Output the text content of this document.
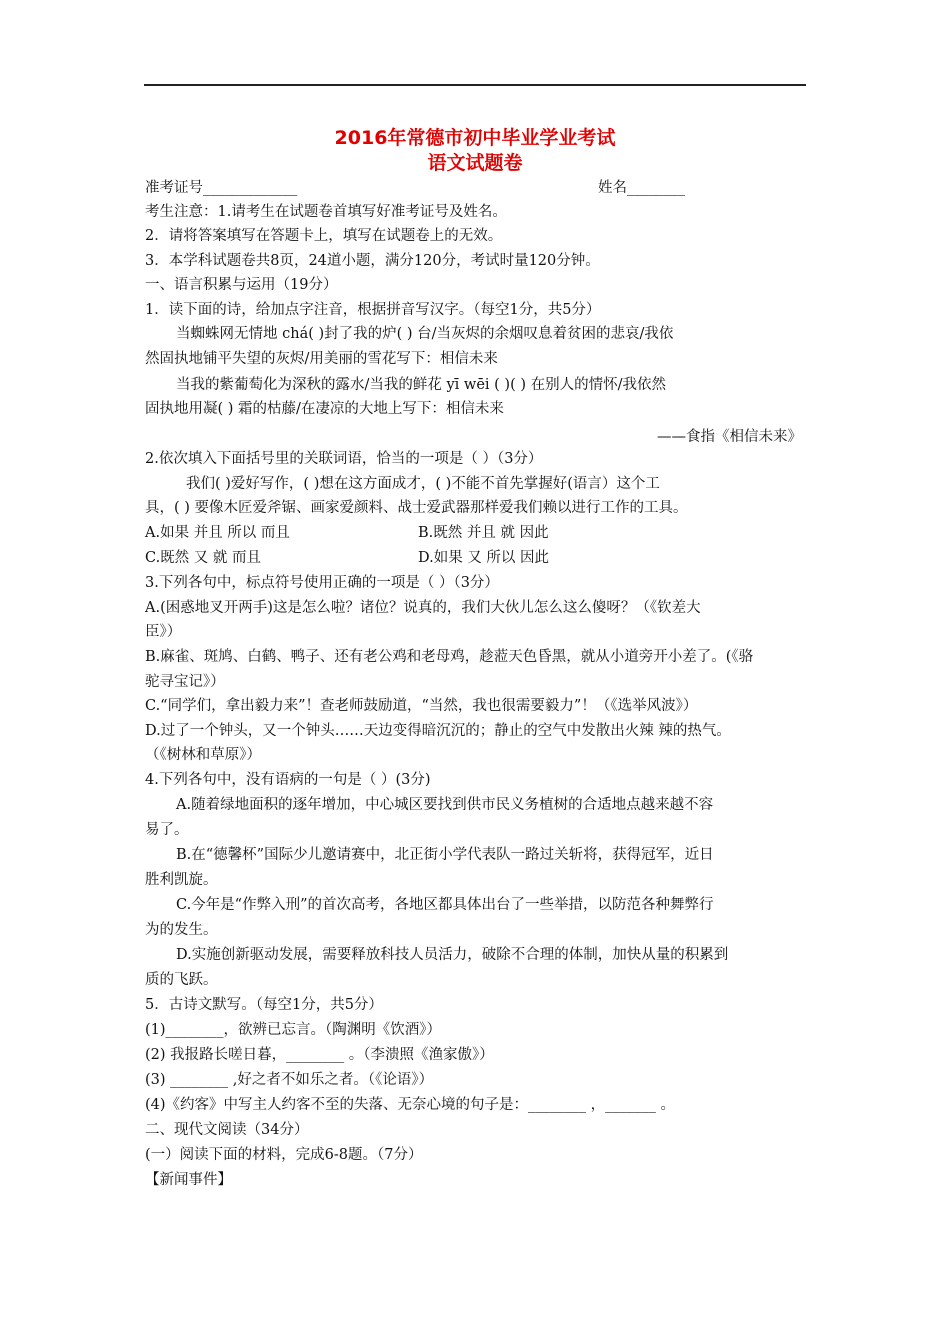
2016年常德市初中毕业学业考试
语文试题卷
准考证号_____________	姓名________
考生注意：1.请考生在试题卷首填写好准考证号及姓名。
2．请将答案填写在答题卡上，填写在试题卷上的无效。
3．本学科试题卷共8页，24道小题，满分120分，考试时量120分钟。
一、语言积累与运用（19分）
1．读下面的诗，给加点字注音，根据拼音写汉字。（每空1分，共5分）
当蜘蛛网无情地 chá( )封了我的炉( ) 台/当灰烬的余烟叹息着贫困的悲哀/我依
然固执地铺平失望的灰烬/用美丽的雪花写下：相信未来
当我的紫葡萄化为深秋的露水/当我的鲜花 yī wēi ( )( ) 在别人的情怀/我依然
固执地用凝( ) 霜的枯藤/在凄凉的大地上写下：相信未来
——食指《相信未来》
2.依次填入下面括号里的关联词语，恰当的一项是（ ）（3分）
我们( )爱好写作，( )想在这方面成才，( )不能不首先掌握好(语言）这个工
具，( ) 要像木匠爱斧锯、画家爱颜料、战士爱武器那样爱我们赖以进行工作的工具。
A.如果 并且 所以 而且	B.既然 并且 就 因此
C.既然 又 就 而且	D.如果 又 所以 因此
3.下列各句中，标点符号使用正确的一项是（ ）（3分）
A.(困惑地叉开两手)这是怎么啦？诸位？说真的，我们大伙儿怎么这么傻呀？（《钦差大
臣》）
B.麻雀、斑鸠、白鹤、鸭子、还有老公鸡和老母鸡，趁蒞天色昏黑，就从小道旁开小差了。(《骆
驼寻宝记》）
C.“同学们，拿出毅力来”！查老师鼓励道，“当然，我也很需要毅力”！（《选举风波》）
D.过了一个钟头，又一个钟头……天边变得暗沉沉的；静止的空气中发散出火辣 辣的热气。
（《树林和草原》）
4.下列各句中，没有语病的一句是（ ）(3分)
A.随着绿地面积的逐年增加，中心城区要找到供市民义务植树的合适地点越来越不容
易了。
B.在“德馨杯”国际少儿邀请赛中，北正街小学代表队一路过关斩将，获得冠军，近日
胜利凯旋。
C.今年是“作弊入刑”的首次高考，各地区都具体出台了一些举措，以防范各种舞弊行
为的发生。
D.实施创新驱动发展，需要释放科技人员活力，破除不合理的体制，加快从量的积累到
质的飞跃。
5．古诗文默写。（每空1分，共5分）
(1)________，欲辨已忘言。（陶渊明《饮酒》）
(2) 我报路长嗟日暮，________ 。（李溃照《渔家傲》）
(3) ________ ,好之者不如乐之者。（《论语》）
(4)《约客》中写主人约客不至的失落、无奈心境的句子是：________ ，_______ 。
二、现代文阅读（34分）
(一）阅读下面的材料，完成6-8题。（7分）
【新闻事件】
